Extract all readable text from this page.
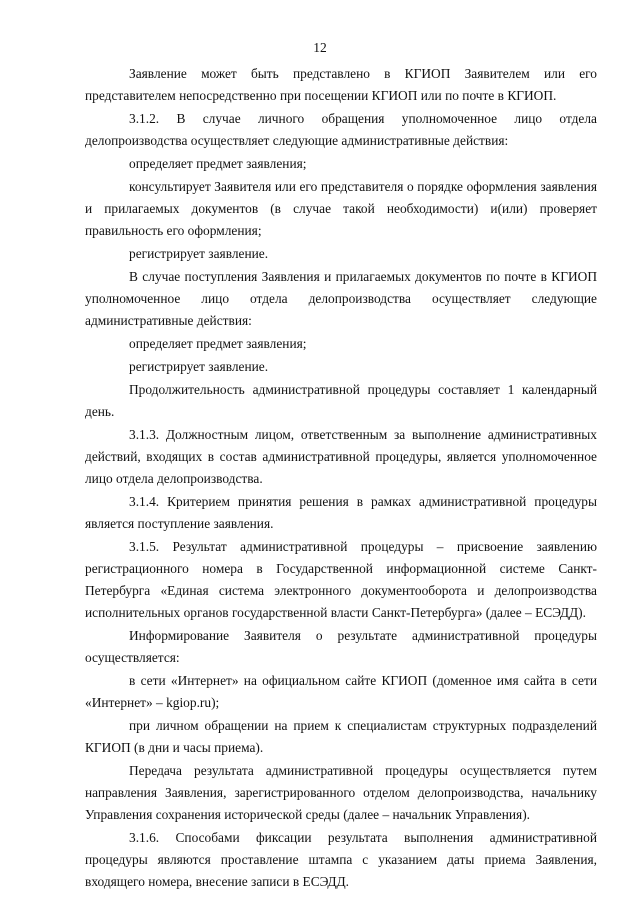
12

Заявление может быть представлено в КГИОП Заявителем или его представителем непосредственно при посещении КГИОП или по почте в КГИОП.

3.1.2. В случае личного обращения уполномоченное лицо отдела делопроизводства осуществляет следующие административные действия:

определяет предмет заявления;

консультирует Заявителя или его представителя о порядке оформления заявления и прилагаемых документов (в случае такой необходимости) и(или) проверяет правильность его оформления;

регистрирует заявление.

В случае поступления Заявления и прилагаемых документов по почте в КГИОП уполномоченное лицо отдела делопроизводства осуществляет следующие административные действия:

определяет предмет заявления;

регистрирует заявление.

Продолжительность административной процедуры составляет 1 календарный день.

3.1.3. Должностным лицом, ответственным за выполнение административных действий, входящих в состав административной процедуры, является уполномоченное лицо отдела делопроизводства.

3.1.4. Критерием принятия решения в рамках административной процедуры является поступление заявления.

3.1.5. Результат административной процедуры – присвоение заявлению регистрационного номера в Государственной информационной системе Санкт-Петербурга «Единая система электронного документооборота и делопроизводства исполнительных органов государственной власти Санкт-Петербурга» (далее – ЕСЭДД).

Информирование Заявителя о результате административной процедуры осуществляется:

в сети «Интернет» на официальном сайте КГИОП (доменное имя сайта в сети «Интернет» – kgiop.ru);

при личном обращении на прием к специалистам структурных подразделений КГИОП (в дни и часы приема).

Передача результата административной процедуры осуществляется путем направления Заявления, зарегистрированного отделом делопроизводства, начальнику Управления сохранения исторической среды (далее – начальник Управления).

3.1.6. Способами фиксации результата выполнения административной процедуры являются проставление штампа с указанием даты приема Заявления, входящего номера, внесение записи в ЕСЭДД.
